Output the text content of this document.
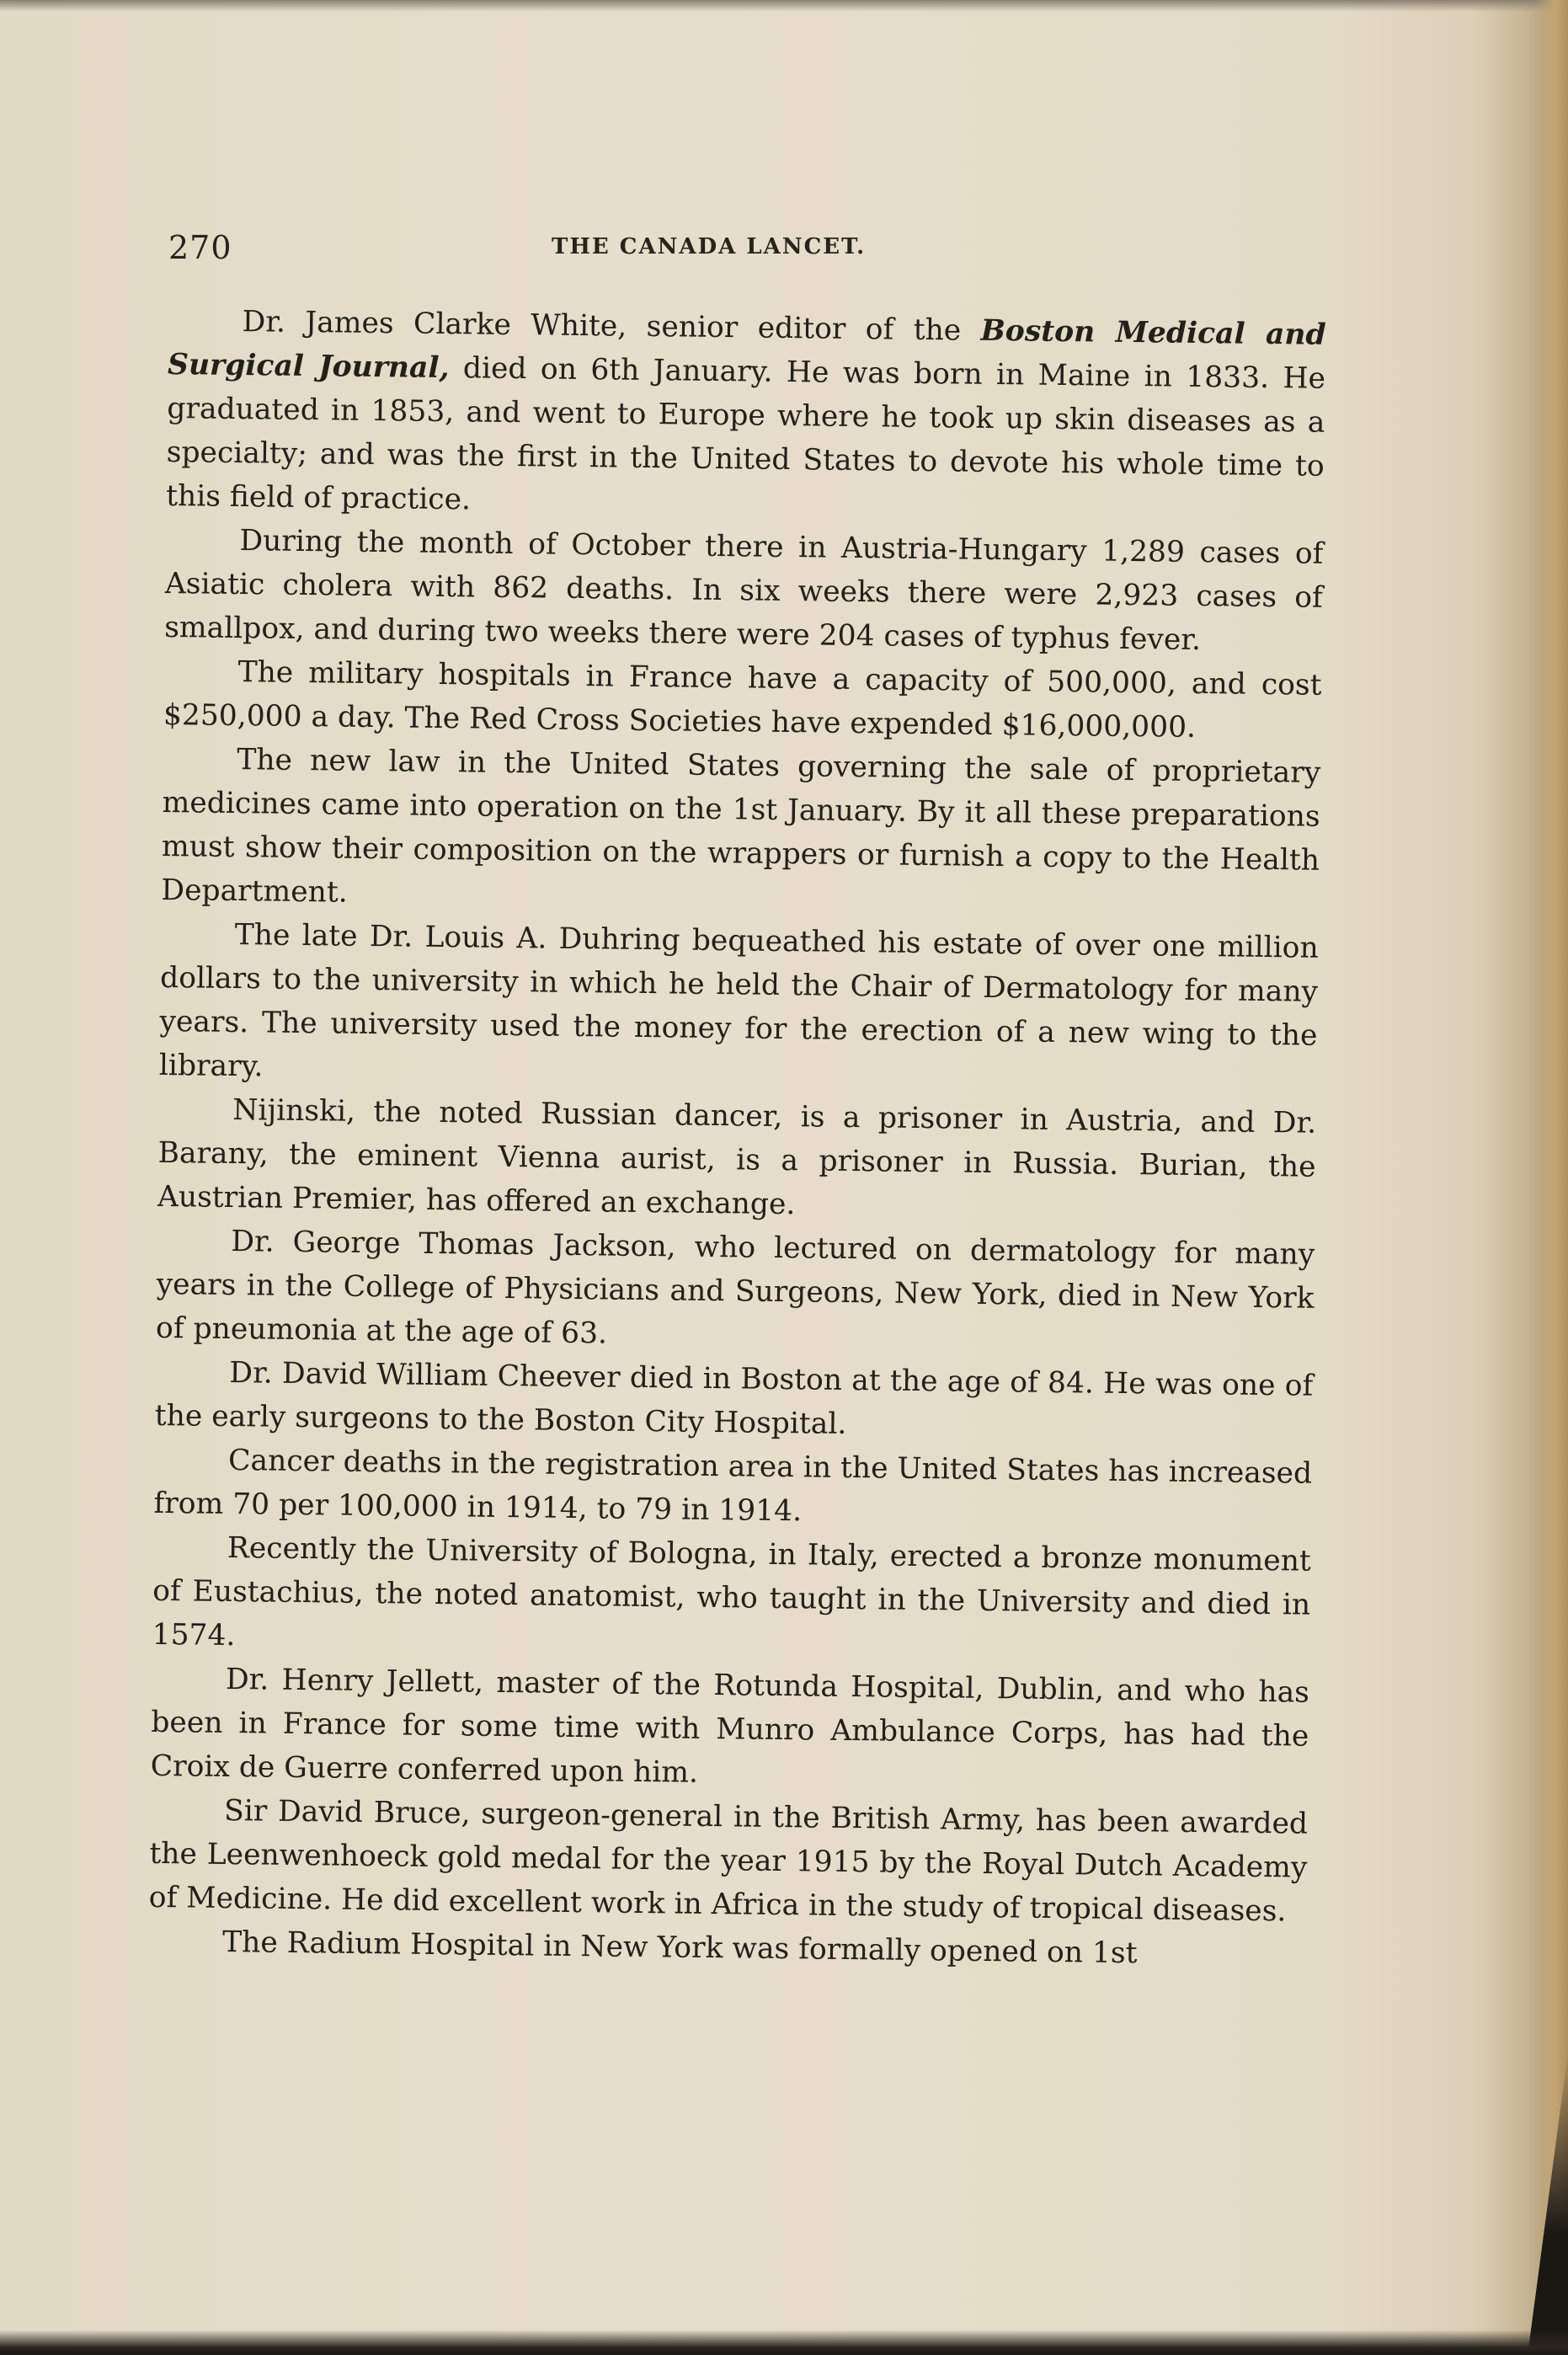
270	THE CANADA LANCET.

Dr. James Clarke White, senior editor of the Boston Medical and Surgical Journal, died on 6th January. He was born in Maine in 1833. He graduated in 1853, and went to Europe where he took up skin diseases as a specialty; and was the first in the United States to devote his whole time to this field of practice.

During the month of October there in Austria-Hungary 1,289 cases of Asiatic cholera with 862 deaths. In six weeks there were 2,923 cases of smallpox, and during two weeks there were 204 cases of typhus fever.

The military hospitals in France have a capacity of 500,000, and cost $250,000 a day. The Red Cross Societies have expended $16,000,000.

The new law in the United States governing the sale of proprietary medicines came into operation on the 1st January. By it all these preparations must show their composition on the wrappers or furnish a copy to the Health Department.

The late Dr. Louis A. Duhring bequeathed his estate of over one million dollars to the university in which he held the Chair of Dermatology for many years. The university used the money for the erection of a new wing to the library.

Nijinski, the noted Russian dancer, is a prisoner in Austria, and Dr. Barany, the eminent Vienna aurist, is a prisoner in Russia. Burian, the Austrian Premier, has offered an exchange.

Dr. George Thomas Jackson, who lectured on dermatology for many years in the College of Physicians and Surgeons, New York, died in New York of pneumonia at the age of 63.

Dr. David William Cheever died in Boston at the age of 84. He was one of the early surgeons to the Boston City Hospital.

Cancer deaths in the registration area in the United States has increased from 70 per 100,000 in 1914, to 79 in 1914.

Recently the University of Bologna, in Italy, erected a bronze monument of Eustachius, the noted anatomist, who taught in the University and died in 1574.

Dr. Henry Jellett, master of the Rotunda Hospital, Dublin, and who has been in France for some time with Munro Ambulance Corps, has had the Croix de Guerre conferred upon him.

Sir David Bruce, surgeon-general in the British Army, has been awarded the Leenwenhoeck gold medal for the year 1915 by the Royal Dutch Academy of Medicine. He did excellent work in Africa in the study of tropical diseases.

The Radium Hospital in New York was formally opened on 1st
